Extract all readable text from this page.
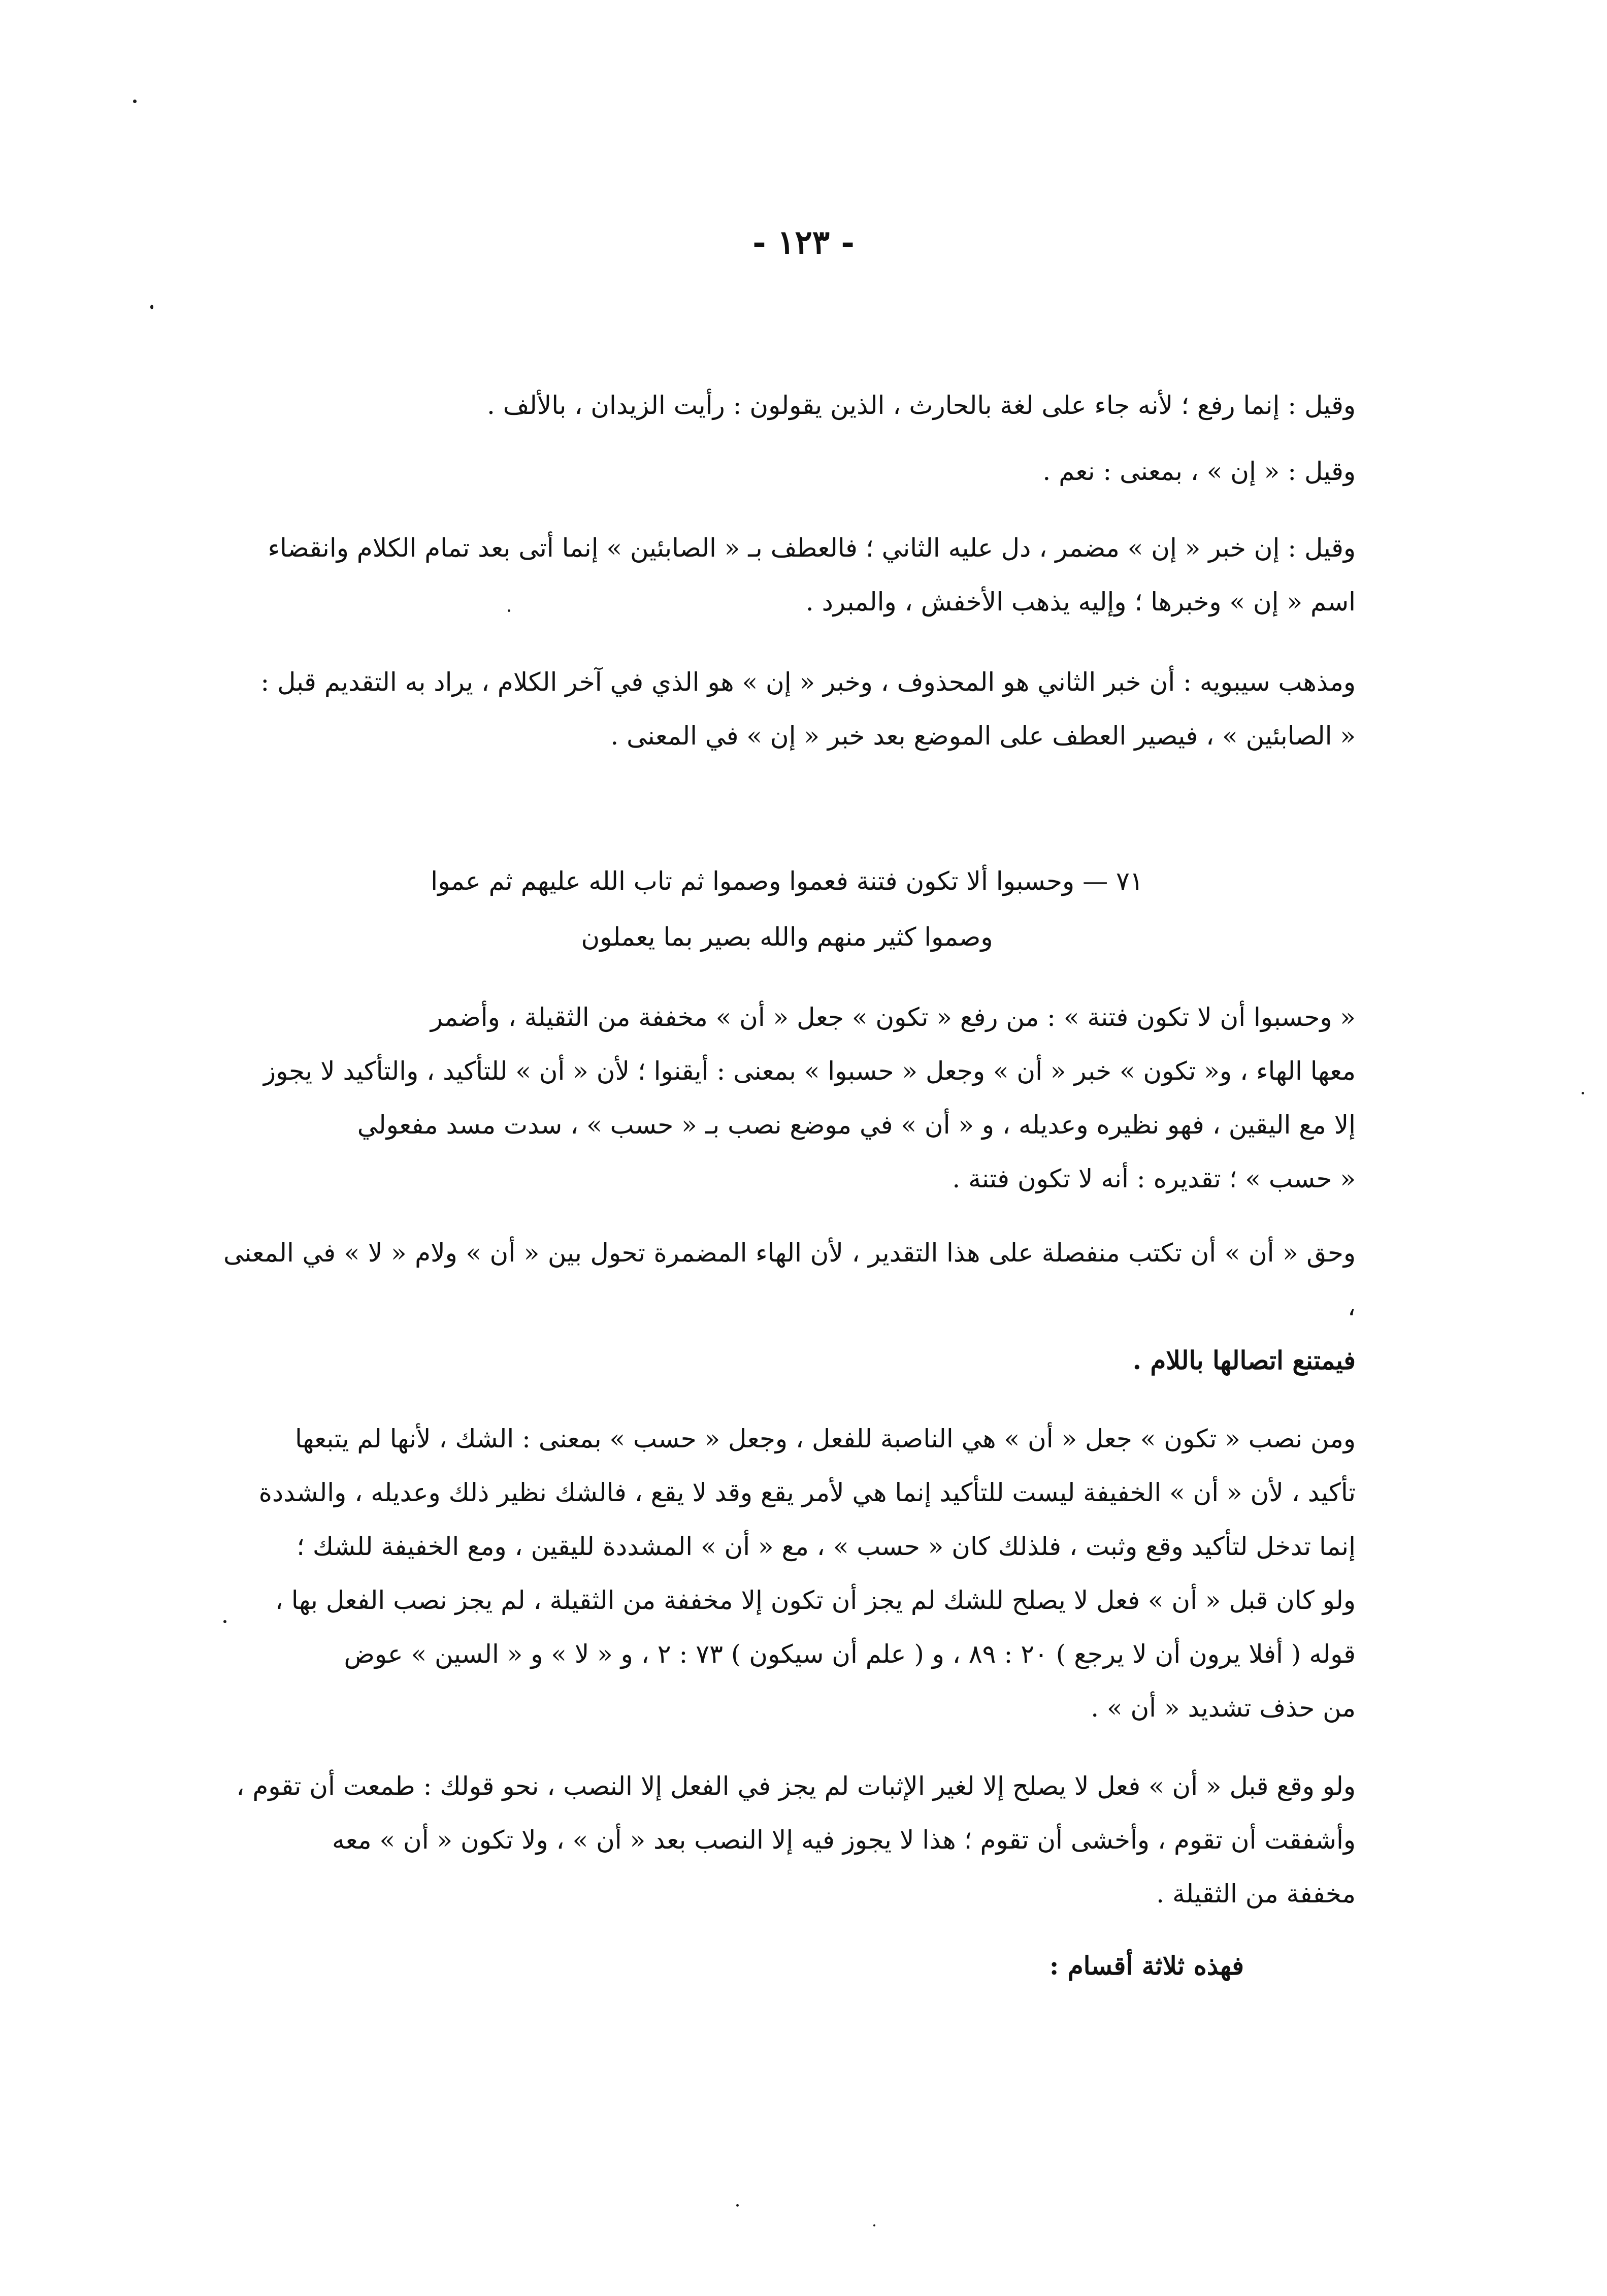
- ١٢٣ -

وقيل : إنما رفع ؛ لأنه جاء على لغة بالحارث ، الذين يقولون : رأيت الزيدان ، بالألف .

وقيل : « إن » ، بمعنى : نعم .

وقيل : إن خبر « إن » مضمر ، دل عليه الثاني ؛ فالعطف بـ « الصابئين » إنما أتى بعد تمام الكلام وانقضاء
اسم « إن » وخبرها ؛ وإليه يذهب الأخفش ، والمبرد .

ومذهب سيبويه : أن خبر الثاني هو المحذوف ، وخبر « إن » هو الذي في آخر الكلام ، يراد به التقديم قبل :
« الصابئين » ، فيصير العطف على الموضع بعد خبر « إن » في المعنى .

٧١ — وحسبوا ألا تكون فتنة فعموا وصموا ثم تاب الله عليهم ثم عموا

وصموا كثير منهم والله بصير بما يعملون

« وحسبوا أن لا تكون فتنة » : من رفع « تكون » جعل « أن » مخففة من الثقيلة ، وأضمر
معها الهاء ، و« تكون » خبر « أن » وجعل « حسبوا » بمعنى : أيقنوا ؛ لأن « أن » للتأكيد ، والتأكيد لا يجوز
إلا مع اليقين ، فهو نظيره وعديله ، و « أن » في موضع نصب بـ « حسب » ، سدت مسد مفعولي
« حسب » ؛ تقديره : أنه لا تكون فتنة .

وحق « أن » أن تكتب منفصلة على هذا التقدير ، لأن الهاء المضمرة تحول بين « أن » ولام « لا » في المعنى ،
فيمتنع اتصالها باللام .

ومن نصب « تكون » جعل « أن » هي الناصبة للفعل ، وجعل « حسب » بمعنى : الشك ، لأنها لم يتبعها
تأكيد ، لأن « أن » الخفيفة ليست للتأكيد إنما هي لأمر يقع وقد لا يقع ، فالشك نظير ذلك وعديله ، والشددة
إنما تدخل لتأكيد وقع وثبت ، فلذلك كان « حسب » ، مع « أن » المشددة لليقين ، ومع الخفيفة للشك ؛
ولو كان قبل « أن » فعل لا يصلح للشك لم يجز أن تكون إلا مخففة من الثقيلة ، لم يجز نصب الفعل بها ،
قوله ( أفلا يرون أن لا يرجع ) ٢٠ : ٨٩ ، و ( علم أن سيكون ) ٧٣ : ٢ ، و « لا » و « السين » عوض
من حذف تشديد « أن » .

ولو وقع قبل « أن » فعل لا يصلح إلا لغير الإثبات لم يجز في الفعل إلا النصب ، نحو قولك : طمعت أن تقوم ،
وأشفقت أن تقوم ، وأخشى أن تقوم ؛ هذا لا يجوز فيه إلا النصب بعد « أن » ، ولا تكون « أن » معه
مخففة من الثقيلة .

فهذه ثلاثة أقسام :
